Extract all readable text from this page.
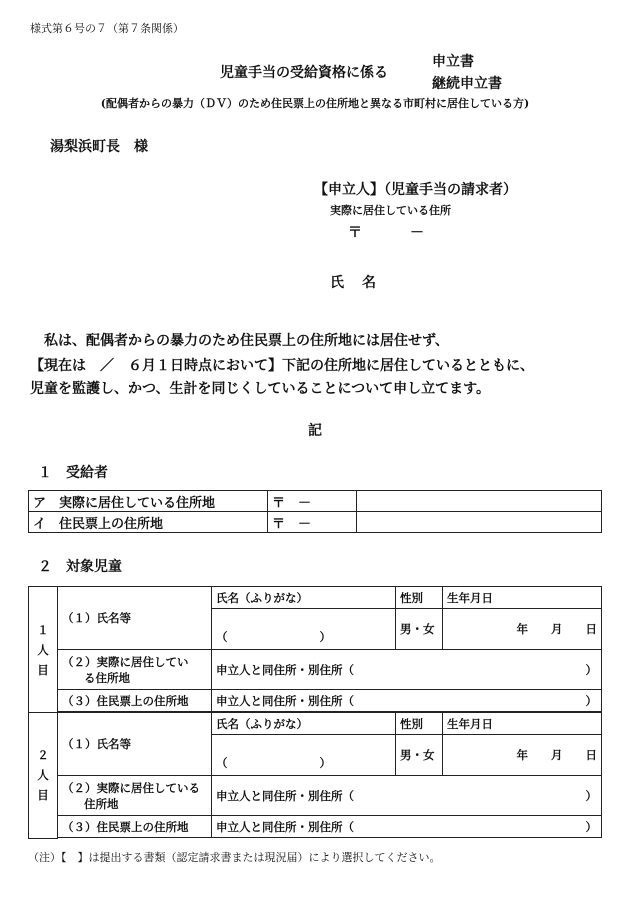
様式第６号の７（第７条関係）
児童手当の受給資格に係る
申立書
継続申立書
(配偶者からの暴力（ＤＶ）のため住民票上の住所地と異なる市町村に居住している方)
湯梨浜町長　様
【申立人】（児童手当の請求者）
実際に居住している住所
〒	－
氏名
　私は、配偶者からの暴力のため住民票上の住所地には居住せず、
【現在は　／　６月１日時点において】下記の住所地に居住しているとともに、
児童を監護し、かつ、生計を同じくしていることについて申し立てます。
記
１　受給者
ア　実際に居住している住所地	〒　－	
イ　住民票上の住所地	〒　－	
２　対象児童
１人目	（１）氏名等	氏名（ふりがな）	性別	生年月日
		（　　　　　　　　）	男・女	年　　月　　日
	（２）実際に居住してい
る住所地	申立人と同住所・別住所（ ）		

	（３）住民票上の住所地	申立人と同住所・別住所（ ）		

２人目	（１）氏名等	氏名（ふりがな）	性別	生年月日
		（　　　　　　　　）	男・女	年　　月　　日
	（２）実際に居住している
住所地	申立人と同住所・別住所（ ）		

	（３）住民票上の住所地	申立人と同住所・別住所（ ）		

（注）【　】は提出する書類（認定請求書または現況届）により選択してください。
